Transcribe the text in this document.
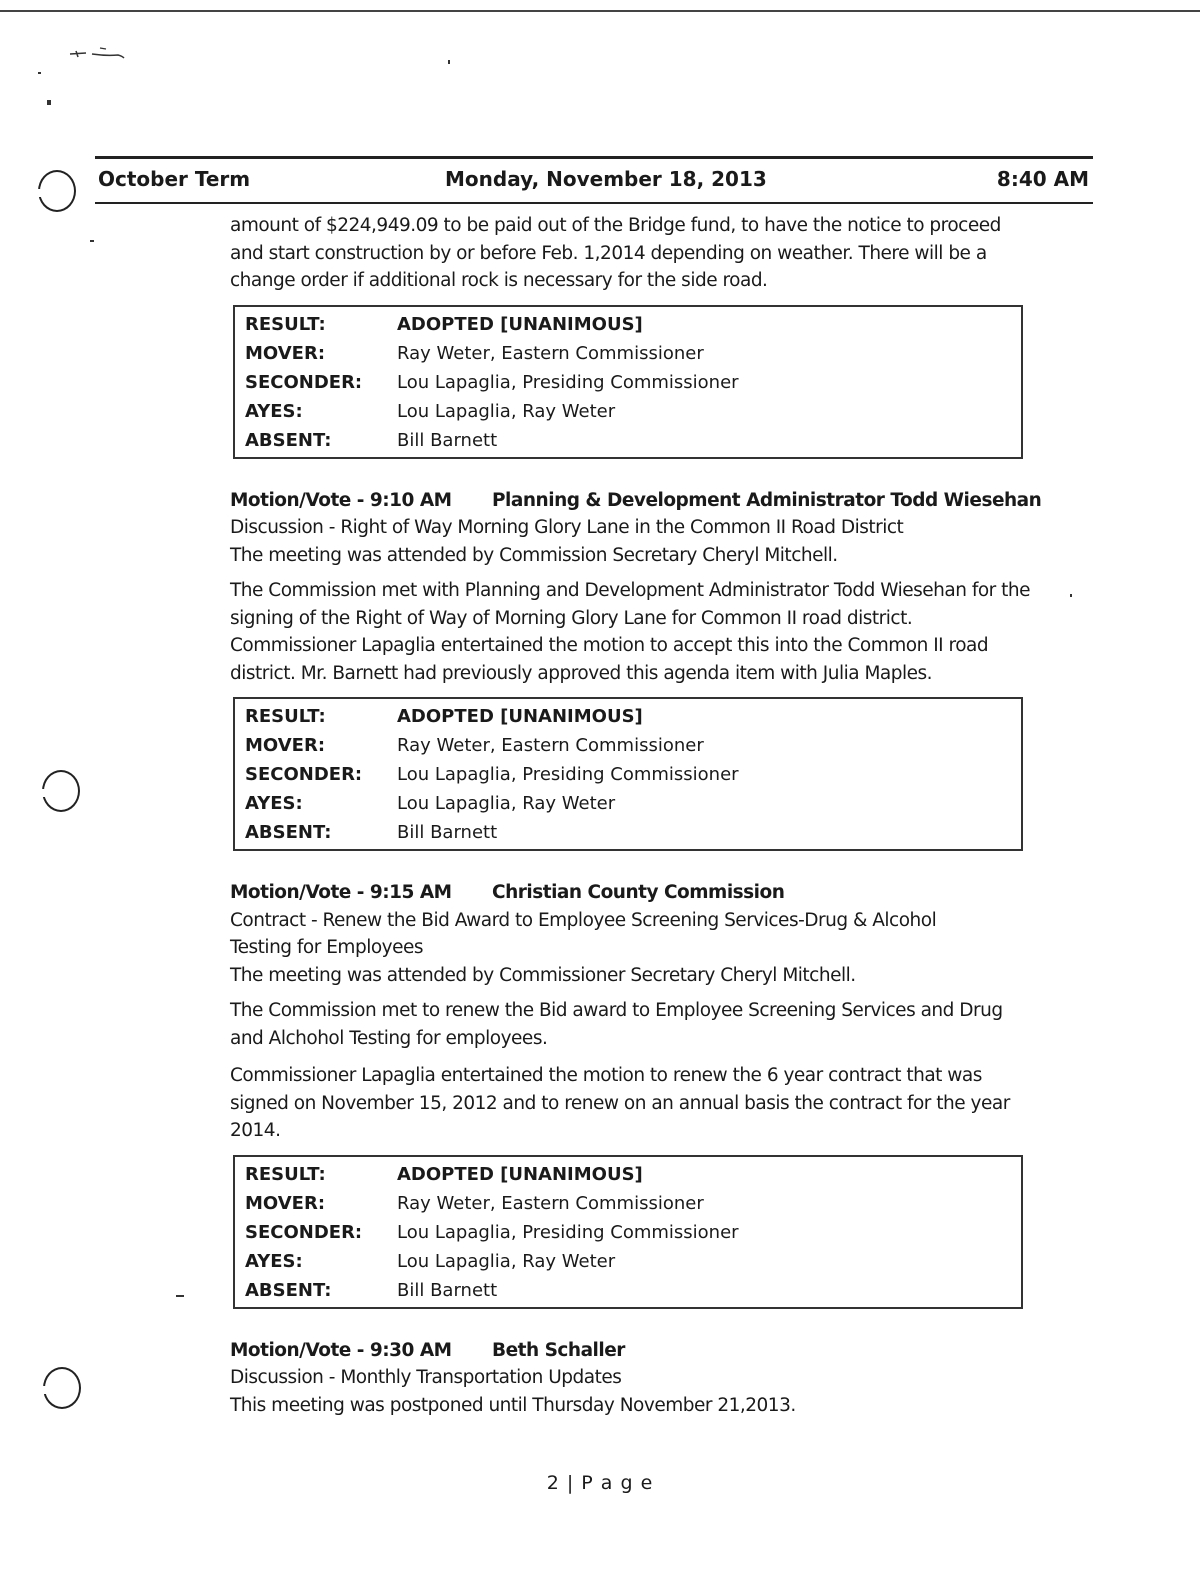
October Term	Monday, November 18, 2013	8:40 AM

amount of $224,949.09 to be paid out of the Bridge fund, to have the notice to proceed and start construction by or before Feb. 1,2014 depending on weather. There will be a change order if additional rock is necessary for the side road.

RESULT:	ADOPTED [UNANIMOUS]
MOVER:	Ray Weter, Eastern Commissioner
SECONDER:	Lou Lapaglia, Presiding Commissioner
AYES:	Lou Lapaglia, Ray Weter
ABSENT:	Bill Barnett
Motion/Vote - 9:10 AM Planning & Development Administrator Todd Wiesehan
Discussion - Right of Way Morning Glory Lane in the Common II Road District
The meeting was attended by Commission Secretary Cheryl Mitchell.

The Commission met with Planning and Development Administrator Todd Wiesehan for the signing of the Right of Way of Morning Glory Lane for Common II road district. Commissioner Lapaglia entertained the motion to accept this into the Common II road district. Mr. Barnett had previously approved this agenda item with Julia Maples.

RESULT:	ADOPTED [UNANIMOUS]
MOVER:	Ray Weter, Eastern Commissioner
SECONDER:	Lou Lapaglia, Presiding Commissioner
AYES:	Lou Lapaglia, Ray Weter
ABSENT:	Bill Barnett
Motion/Vote - 9:15 AM Christian County Commission
Contract - Renew the Bid Award to Employee Screening Services-Drug & Alcohol
Testing for Employees
The meeting was attended by Commissioner Secretary Cheryl Mitchell.

The Commission met to renew the Bid award to Employee Screening Services and Drug and Alchohol Testing for employees.

Commissioner Lapaglia entertained the motion to renew the 6 year contract that was signed on November 15, 2012 and to renew on an annual basis the contract for the year 2014.

RESULT:	ADOPTED [UNANIMOUS]
MOVER:	Ray Weter, Eastern Commissioner
SECONDER:	Lou Lapaglia, Presiding Commissioner
AYES:	Lou Lapaglia, Ray Weter
ABSENT:	Bill Barnett
Motion/Vote - 9:30 AM Beth Schaller
Discussion - Monthly Transportation Updates
This meeting was postponed until Thursday November 21,2013.
2 | P a g e
